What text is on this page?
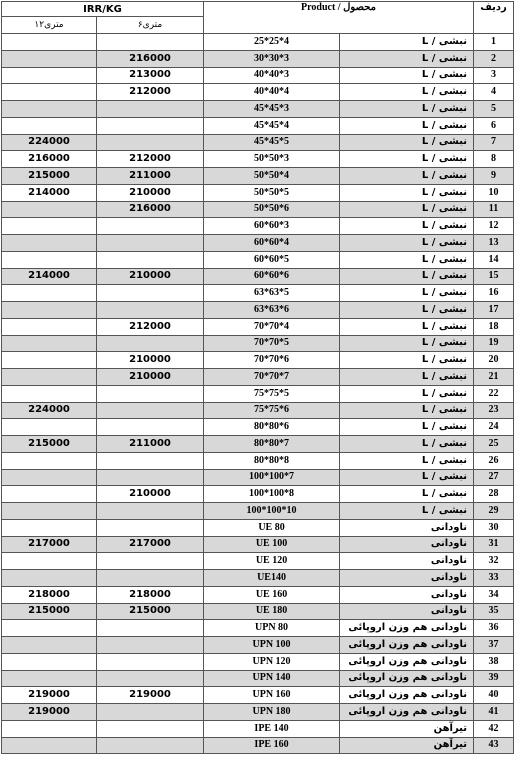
IRR/KG		Product / محصول		ردیف
۱۲متری	۶متری			
		25*25*4	نبشی / L	1
	216000	30*30*3	نبشی / L	2
	213000	40*40*3	نبشی / L	3
	212000	40*40*4	نبشی / L	4
		45*45*3	نبشی / L	5
		45*45*4	نبشی / L	6
224000		45*45*5	نبشی / L	7
216000	212000	50*50*3	نبشی / L	8
215000	211000	50*50*4	نبشی / L	9
214000	210000	50*50*5	نبشی / L	10
	216000	50*50*6	نبشی / L	11
		60*60*3	نبشی / L	12
		60*60*4	نبشی / L	13
		60*60*5	نبشی / L	14
214000	210000	60*60*6	نبشی / L	15
		63*63*5	نبشی / L	16
		63*63*6	نبشی / L	17
	212000	70*70*4	نبشی / L	18
		70*70*5	نبشی / L	19
	210000	70*70*6	نبشی / L	20
	210000	70*70*7	نبشی / L	21
		75*75*5	نبشی / L	22
224000		75*75*6	نبشی / L	23
		80*80*6	نبشی / L	24
215000	211000	80*80*7	نبشی / L	25
		80*80*8	نبشی / L	26
		100*100*7	نبشی / L	27
	210000	100*100*8	نبشی / L	28
		100*100*10	نبشی / L	29
		UE 80	ناودانی	30
217000	217000	UE 100	ناودانی	31
		UE 120	ناودانی	32
		UE140	ناودانی	33
218000	218000	UE 160	ناودانی	34
215000	215000	UE 180	ناودانی	35
		UPN 80	ناودانی هم وزن اروپائی	36
		UPN 100	ناودانی هم وزن اروپائی	37
		UPN 120	ناودانی هم وزن اروپائی	38
		UPN 140	ناودانی هم وزن اروپائی	39
219000	219000	UPN 160	ناودانی هم وزن اروپائی	40
219000		UPN 180	ناودانی هم وزن اروپائی	41
		IPE 140	تیرآهن	42
		IPE 160	تیرآهن	43
